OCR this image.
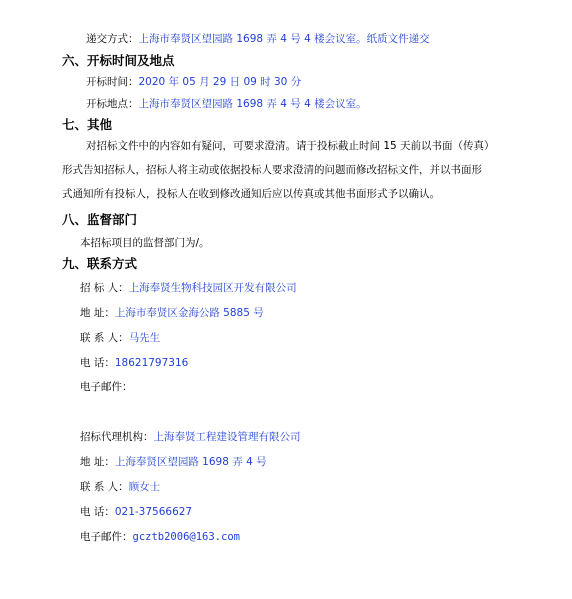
递交方式：上海市奉贤区望园路 1698 弄 4 号 4 楼会议室。纸质文件递交
六、开标时间及地点
开标时间：2020 年 05 月 29 日 09 时 30 分
开标地点：上海市奉贤区望园路 1698 弄 4 号 4 楼会议室。
七、其他
对招标文件中的内容如有疑问，可要求澄清。请于投标截止时间 15 天前以书面（传真）
形式告知招标人，招标人将主动或依据投标人要求澄清的问题而修改招标文件，并以书面形
式通知所有投标人，投标人在收到修改通知后应以传真或其他书面形式予以确认。
八、监督部门
本招标项目的监督部门为/。
九、联系方式
招 标 人：上海奉贤生物科技园区开发有限公司
地 址：上海市奉贤区金海公路 5885 号
联 系 人：马先生
电 话：18621797316
电子邮件：
招标代理机构：上海奉贤工程建设管理有限公司
地 址：上海奉贤区望园路 1698 弄 4 号
联 系 人：顾女士
电 话：021-37566627
电子邮件：gcztb2006@163.com
